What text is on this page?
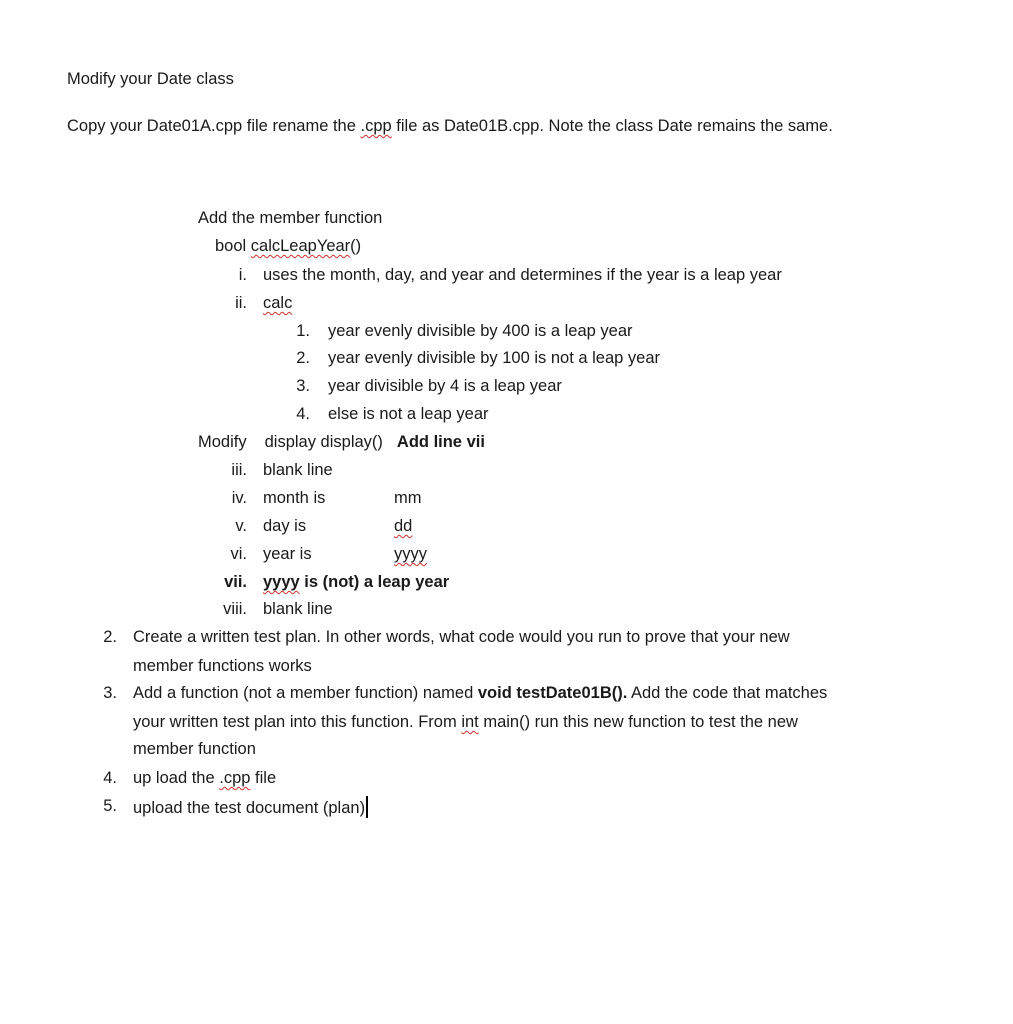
Modify your Date class
Copy your Date01A.cpp file rename the .cpp file as Date01B.cpp. Note the class Date remains the same.
Add the member function
bool calcLeapYear()
i. uses the month, day, and year and determines if the year is a leap year
ii. calc
1. year evenly divisible by 400 is a leap year
2. year evenly divisible by 100 is not a leap year
3. year divisible by 4 is a leap year
4. else is not a leap year
Modify display display() Add line vii
iii. blank line
iv. month is	mm
v. day is	dd
vi. year is	yyyy
vii. yyyy is (not) a leap year
viii. blank line
2. Create a written test plan. In other words, what code would you run to prove that your new
member functions works
3. Add a function (not a member function) named void testDate01B(). Add the code that matches
your written test plan into this function. From int main() run this new function to test the new
member function
4. up load the .cpp file
5. upload the test document (plan)
